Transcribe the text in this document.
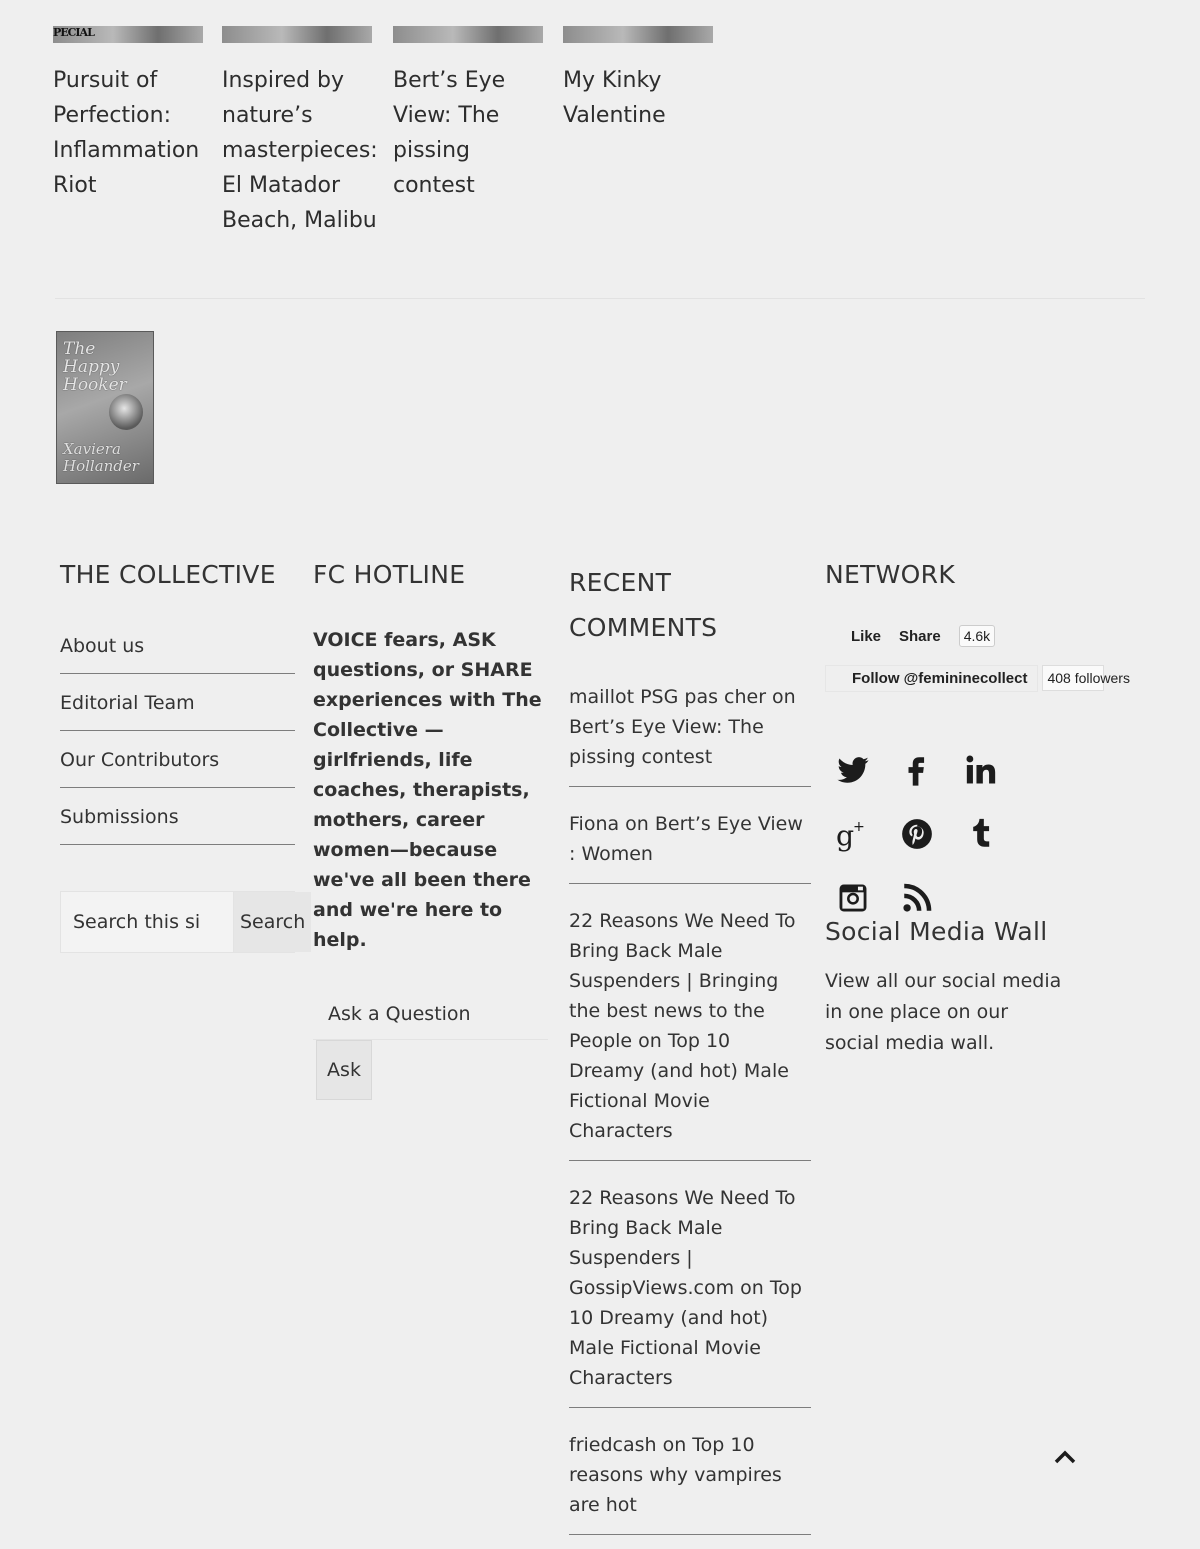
PECIAL
Pursuit of Perfection: Inflammation Riot
Inspired by nature’s masterpieces: El Matador Beach, Malibu
Bert’s Eye View: The pissing contest
My Kinky Valentine
The Happy Hooker
Xaviera Hollander
THE COLLECTIVE
About us
Editorial Team
Our Contributors
Submissions
Search this si
Search
FC HOTLINE
VOICE fears, ASK questions, or SHARE experiences with The Collective — girlfriends, life coaches, therapists, mothers, career women—because we've all been there and we're here to help.
Ask a Question
Ask
RECENT COMMENTS
maillot PSG pas cher on Bert’s Eye View: The pissing contest
Fiona on Bert’s Eye View : Women
22 Reasons We Need To Bring Back Male Suspenders | Bringing the best news to the People on Top 10 Dreamy (and hot) Male Fictional Movie Characters
22 Reasons We Need To Bring Back Male Suspenders | GossipViews.com on Top 10 Dreamy (and hot) Male Fictional Movie Characters
friedcash on Top 10 reasons why vampires are hot
NETWORK
Like Share	4.6k
Follow @femininecollect	408 followers
g
+
Social Media Wall
View all our social media in one place on our social media wall.
